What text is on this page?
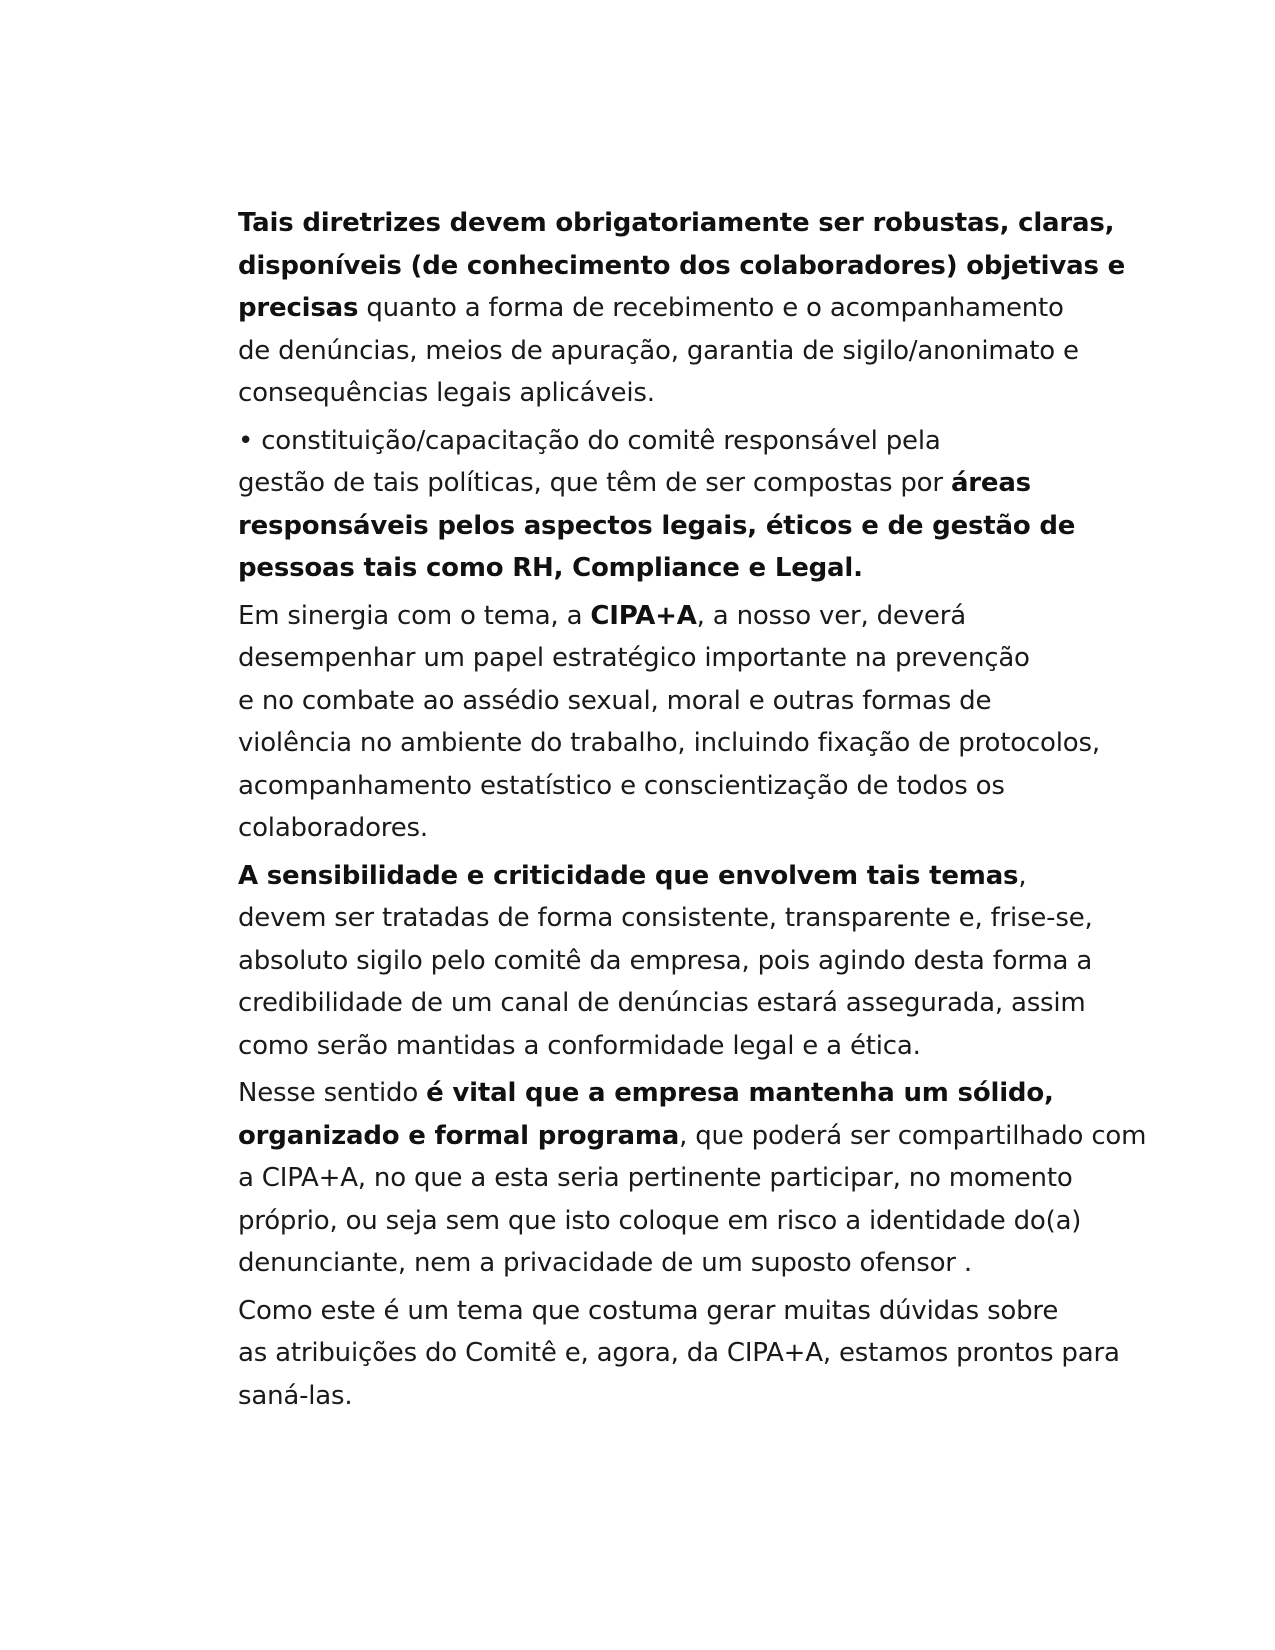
Tais diretrizes devem obrigatoriamente ser robustas, claras,
disponíveis (de conhecimento dos colaboradores) objetivas e
precisas quanto a forma de recebimento e o acompanhamento
de denúncias, meios de apuração, garantia de sigilo/anonimato e
consequências legais aplicáveis.

• constituição/capacitação do comitê responsável pela
gestão de tais políticas, que têm de ser compostas por áreas
responsáveis pelos aspectos legais, éticos e de gestão de
pessoas tais como RH, Compliance e Legal.

Em sinergia com o tema, a CIPA+A, a nosso ver, deverá
desempenhar um papel estratégico importante na prevenção
e no combate ao assédio sexual, moral e outras formas de
violência no ambiente do trabalho, incluindo fixação de protocolos,
acompanhamento estatístico e conscientização de todos os
colaboradores.

A sensibilidade e criticidade que envolvem tais temas,
devem ser tratadas de forma consistente, transparente e, frise-se,
absoluto sigilo pelo comitê da empresa, pois agindo desta forma a
credibilidade de um canal de denúncias estará assegurada, assim
como serão mantidas a conformidade legal e a ética.

Nesse sentido é vital que a empresa mantenha um sólido,
organizado e formal programa, que poderá ser compartilhado com
a CIPA+A, no que a esta seria pertinente participar, no momento
próprio, ou seja sem que isto coloque em risco a identidade do(a)
denunciante, nem a privacidade de um suposto ofensor .

Como este é um tema que costuma gerar muitas dúvidas sobre
as atribuições do Comitê e, agora, da CIPA+A, estamos prontos para
saná-las.
